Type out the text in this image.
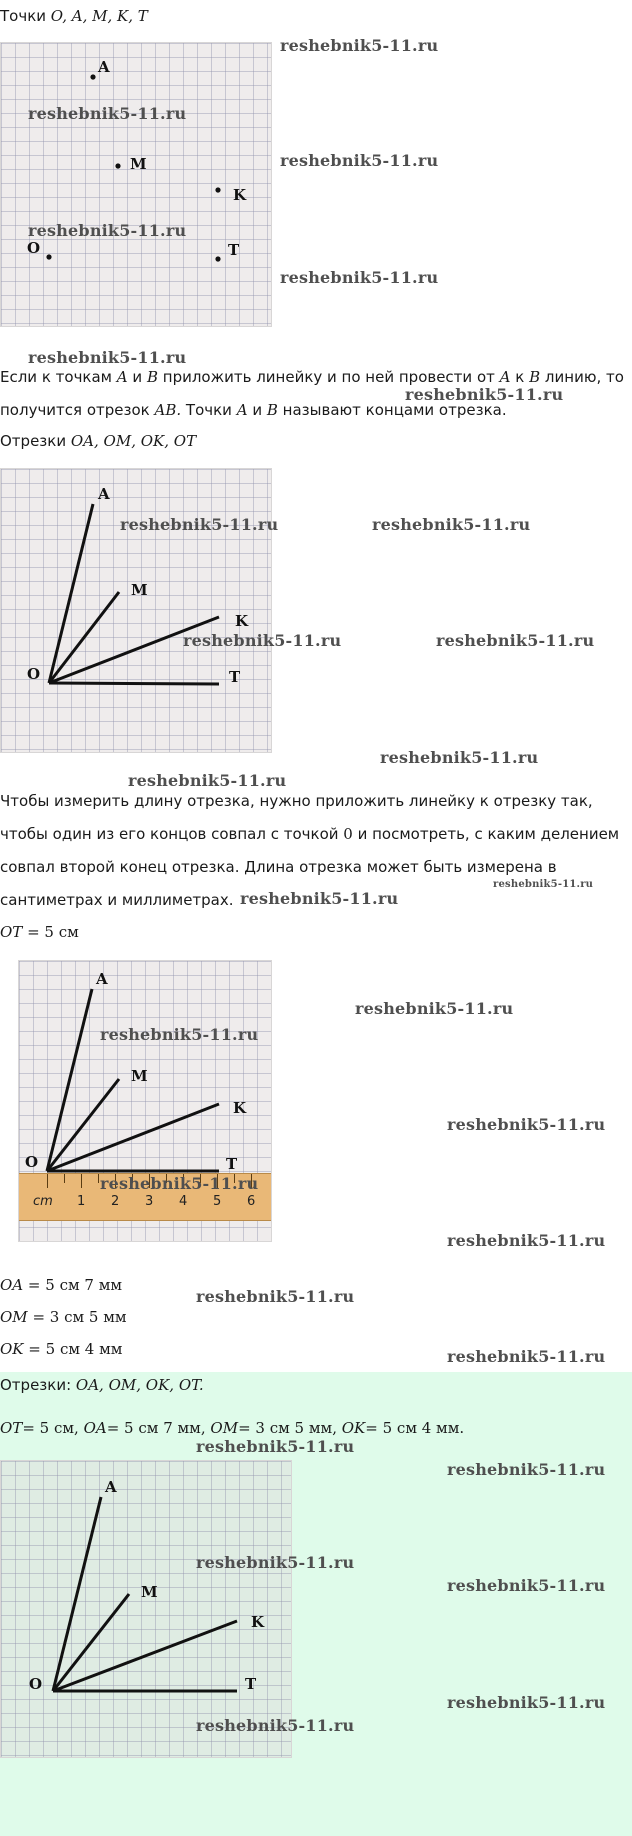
Точки O, A, M, K, T
A
M
K
O	T
reshebnik5-11.ru
reshebnik5-11.ru
reshebnik5-11.ru
reshebnik5-11.ru
reshebnik5-11.ru
reshebnik5-11.ru
Если к точкам A и B приложить линейку и по ней провести от A к B линию, то
reshebnik5-11.ru
получится отрезок AB. Точки A и B называют концами отрезка.
Отрезки OA, OM, OK, OT
A
M
K
O	T
reshebnik5-11.ru	reshebnik5-11.ru
reshebnik5-11.ru	reshebnik5-11.ru
reshebnik5-11.ru
reshebnik5-11.ru
Чтобы измерить длину отрезка, нужно приложить линейку к отрезку так,
чтобы один из его концов совпал с точкой 0 и посмотреть, с каким делением
совпал второй конец отрезка. Длина отрезка может быть измерена в
сантиметрах и миллиметрах. reshebnik5-11.ru
reshebnik5-11.ru
OT = 5 см
A
M
K
O	T
cm 1 2 3 4 5 6
reshebnik5-11.ru
reshebnik5-11.ru
reshebnik5-11.ru
reshebnik5-11.ru
reshebnik5-11.ru
OA = 5 см 7 мм
reshebnik5-11.ru
OM = 3 см 5 мм
OK = 5 см 4 мм	reshebnik5-11.ru
Отрезки: OA, OM, OK, OT.
OT= 5 см, OA= 5 см 7 мм, OM= 3 см 5 мм, OK= 5 см 4 мм.
A
M
K
O	T
reshebnik5-11.ru
reshebnik5-11.ru
reshebnik5-11.ru
reshebnik5-11.ru
reshebnik5-11.ru
reshebnik5-11.ru
